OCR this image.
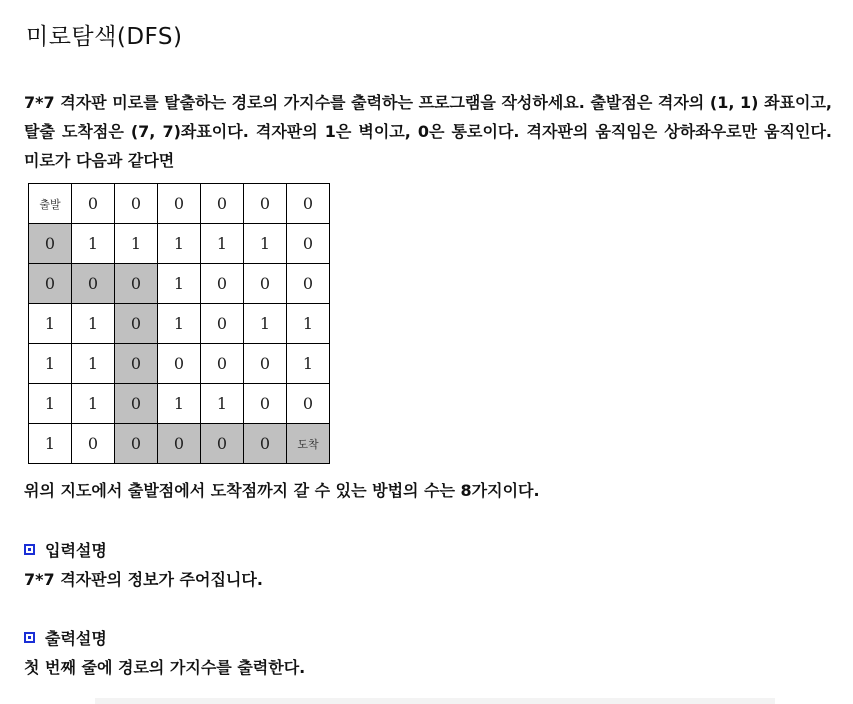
미로탐색(DFS)

7*7 격자판 미로를 탈출하는 경로의 가지수를 출력하는 프로그램을 작성하세요. 출발점은 격자의 (1, 1) 좌표이고, 탈출 도착점은 (7, 7)좌표이다. 격자판의 1은 벽이고, 0은 통로이다. 격자판의 움직임은 상하좌우로만 움직인다. 미로가 다음과 같다면

출발	0	0	0	0	0	0
0	1	1	1	1	1	0
0	0	0	1	0	0	0
1	1	0	1	0	1	1
1	1	0	0	0	0	1
1	1	0	1	1	0	0
1	0	0	0	0	0	도착
위의 지도에서 출발점에서 도착점까지 갈 수 있는 방법의 수는 8가지이다.
입력설명
7*7 격자판의 정보가 주어집니다.
출력설명
첫 번째 줄에 경로의 가지수를 출력한다.
